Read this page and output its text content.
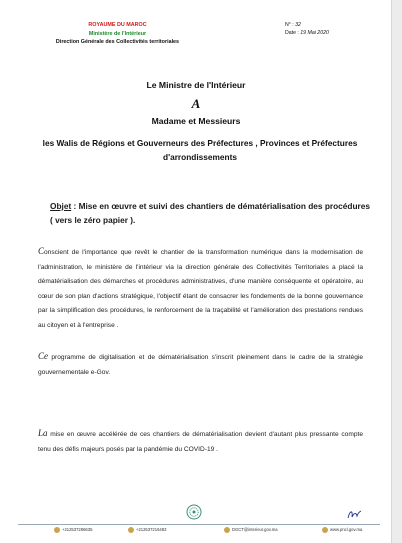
ROYAUME DU MAROC
Ministère de l'Intérieur
Direction Générale des Collectivités territoriales
N° : 32
Date : 19 Mai 2020
Le Ministre de l'Intérieur
A
Madame et Messieurs
les Walis de Régions et Gouverneurs des Préfectures , Provinces et Préfectures d'arrondissements
Objet : Mise en œuvre et suivi des chantiers de dématérialisation des procédures ( vers le zéro papier ).
Conscient de l'importance que revêt le chantier de la transformation numérique dans la modernisation de l'administration, le ministère de l'intérieur via la direction générale des Collectivités Territoriales a placé la dématérialisation des démarches et procédures administratives, d'une manière conséquente et opératoire, au cœur de son plan d'actions stratégique, l'objectif étant de consacrer les fondements de la bonne gouvernance par la simplification des procédures, le renforcement de la traçabilité et l'amélioration des prestations rendues au citoyen et à l'entreprise .
Ce programme de digitalisation et de dématérialisation s'inscrit pleinement dans le cadre de la stratégie gouvernementale e-Gov.
La mise en œuvre accélérée de ces chantiers de dématérialisation devient d'autant plus pressante compte tenu des défis majeurs posés par la pandémie du COVID-19 .
+212537286635	+212537216483	DGCT@interieur.gov.ma	www.pncl.gov.ma
